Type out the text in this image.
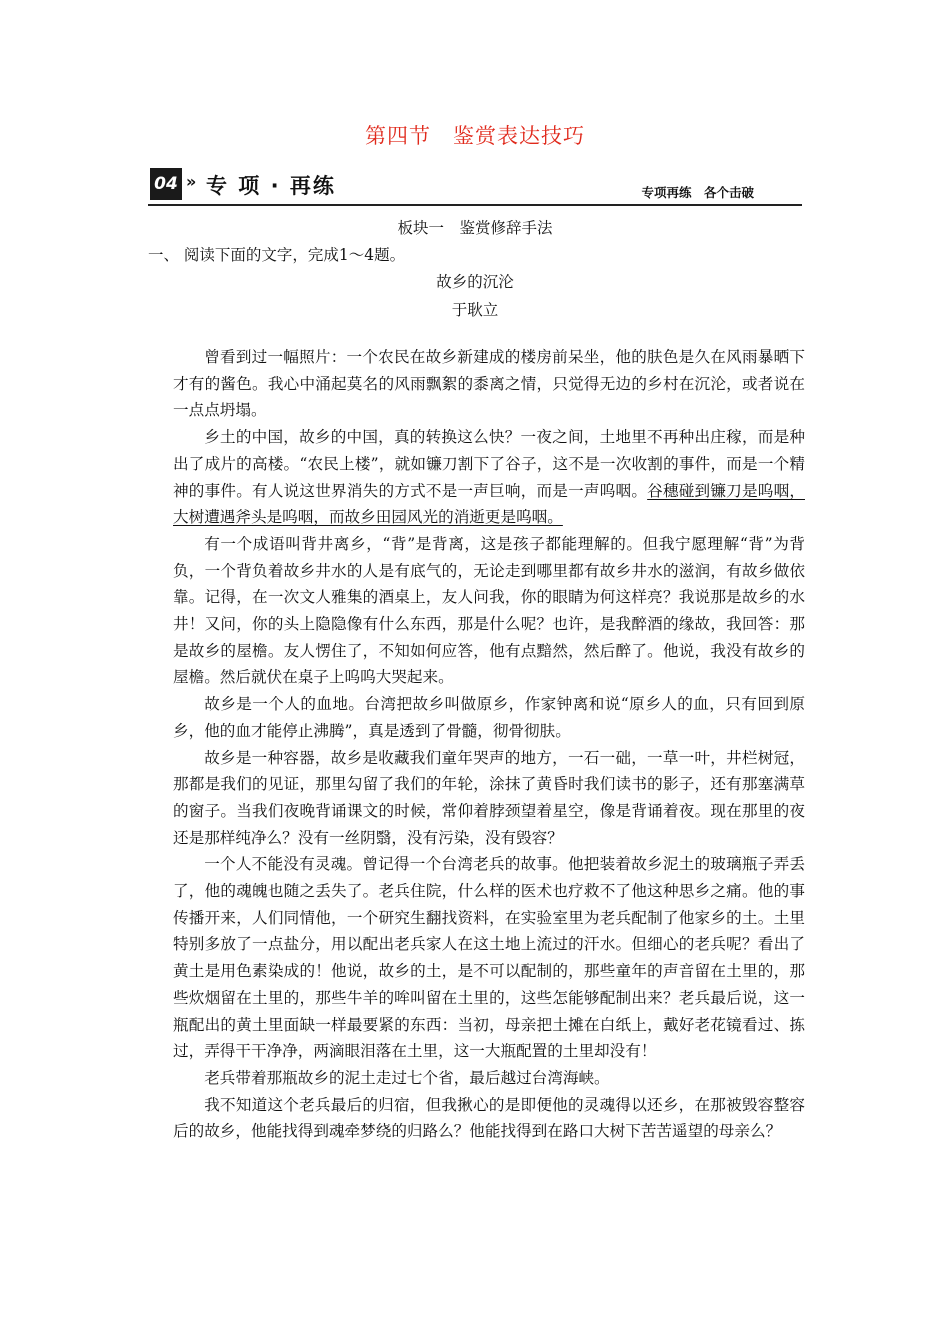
第四节　鉴赏表达技巧
04 » 专 项 · 再练	专项再练　各个击破
板块一　鉴赏修辞手法
一、 阅读下面的文字，完成1～4题。
故乡的沉沦
于耿立

曾看到过一幅照片：一个农民在故乡新建成的楼房前呆坐，他的肤色是久在风雨暴晒下才有的酱色。我心中涌起莫名的风雨飘絮的黍离之情，只觉得无边的乡村在沉沦，或者说在一点点坍塌。

乡土的中国，故乡的中国，真的转换这么快？一夜之间，土地里不再种出庄稼，而是种出了成片的高楼。“农民上楼”，就如镰刀割下了谷子，这不是一次收割的事件，而是一个精神的事件。有人说这世界消失的方式不是一声巨响，而是一声呜咽。谷穗碰到镰刀是呜咽，大树遭遇斧头是呜咽，而故乡田园风光的消逝更是呜咽。

有一个成语叫背井离乡，“背”是背离，这是孩子都能理解的。但我宁愿理解“背”为背负，一个背负着故乡井水的人是有底气的，无论走到哪里都有故乡井水的滋润，有故乡做依靠。记得，在一次文人雅集的酒桌上，友人问我，你的眼睛为何这样亮？我说那是故乡的水井！又问，你的头上隐隐像有什么东西，那是什么呢？也许，是我醉酒的缘故，我回答：那是故乡的屋檐。友人愣住了，不知如何应答，他有点黯然，然后醉了。他说，我没有故乡的屋檐。然后就伏在桌子上呜呜大哭起来。

故乡是一个人的血地。台湾把故乡叫做原乡，作家钟离和说“原乡人的血，只有回到原乡，他的血才能停止沸腾”，真是透到了骨髓，彻骨彻肤。

故乡是一种容器，故乡是收藏我们童年哭声的地方，一石一础，一草一叶，井栏树冠，那都是我们的见证，那里勾留了我们的年轮，涂抹了黄昏时我们读书的影子，还有那塞满草的窗子。当我们夜晚背诵课文的时候，常仰着脖颈望着星空，像是背诵着夜。现在那里的夜还是那样纯净么？没有一丝阴翳，没有污染，没有毁容？

一个人不能没有灵魂。曾记得一个台湾老兵的故事。他把装着故乡泥土的玻璃瓶子弄丢了，他的魂魄也随之丢失了。老兵住院，什么样的医术也疗救不了他这种思乡之痛。他的事传播开来，人们同情他，一个研究生翻找资料，在实验室里为老兵配制了他家乡的土。土里特别多放了一点盐分，用以配出老兵家人在这土地上流过的汗水。但细心的老兵呢？看出了黄土是用色素染成的！他说，故乡的土，是不可以配制的，那些童年的声音留在土里的，那些炊烟留在土里的，那些牛羊的哞叫留在土里的，这些怎能够配制出来？老兵最后说，这一瓶配出的黄土里面缺一样最要紧的东西：当初，母亲把土摊在白纸上，戴好老花镜看过、拣过，弄得干干净净，两滴眼泪落在土里，这一大瓶配置的土里却没有！

老兵带着那瓶故乡的泥土走过七个省，最后越过台湾海峡。

我不知道这个老兵最后的归宿，但我揪心的是即便他的灵魂得以还乡，在那被毁容整容后的故乡，他能找得到魂牵梦绕的归路么？他能找得到在路口大树下苦苦遥望的母亲么？
